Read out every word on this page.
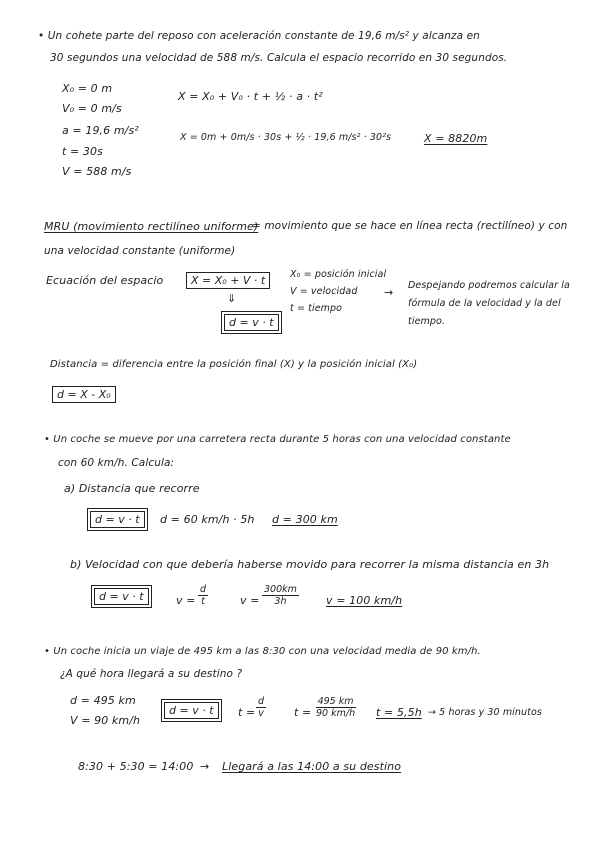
• Un cohete parte del reposo con aceleración constante de 19,6 m/s² y alcanza en
30 segundos una velocidad de 588 m/s. Calcula el espacio recorrido en 30 segundos.
X₀ = 0 m
V₀ = 0 m/s
a = 19,6 m/s²
t = 30s
V = 588 m/s
X = X₀ + V₀ · t + ½ · a · t²
X = 0m + 0m/s · 30s + ½ · 19,6 m/s² · 30²s	X = 8820m
MRU (movimiento rectilíneo uniforme)
= movimiento que se hace en línea recta (rectilíneo) y con
una velocidad constante (uniforme)
Ecuación del espacio	X = X₀ + V · t
⇓
d = v · t
X₀ = posición inicial
V = velocidad
t = tiempo
→
Despejando podremos calcular la
fórmula de la velocidad y la del
tiempo.
Distancia = diferencia entre la posición final (X) y la posición inicial (X₀)
d = X - X₀
• Un coche se mueve por una carretera recta durante 5 horas con una velocidad constante
con 60 km/h. Calcula:
a) Distancia que recorre
d = v · t	d = 60 km/h · 5h d = 300 km
b) Velocidad con que debería haberse movido para recorrer la misma distancia en 3h
d = v · t	$v = \frac{d}{t}$	$v = \frac{300km}{3h}$ v = 100 km/h
• Un coche inicia un viaje de 495 km a las 8:30 con una velocidad media de 90 km/h.
¿A qué hora llegará a su destino ?
d = 495 km
V = 90 km/h
d = v · t	$t = \frac{d}{v}$	$t = \frac{495 km}{90 km/h}$ t = 5,5h → 5 horas y 30 minutos
8:30 + 5:30 = 14:00 → Llegará a las 14:00 a su destino
